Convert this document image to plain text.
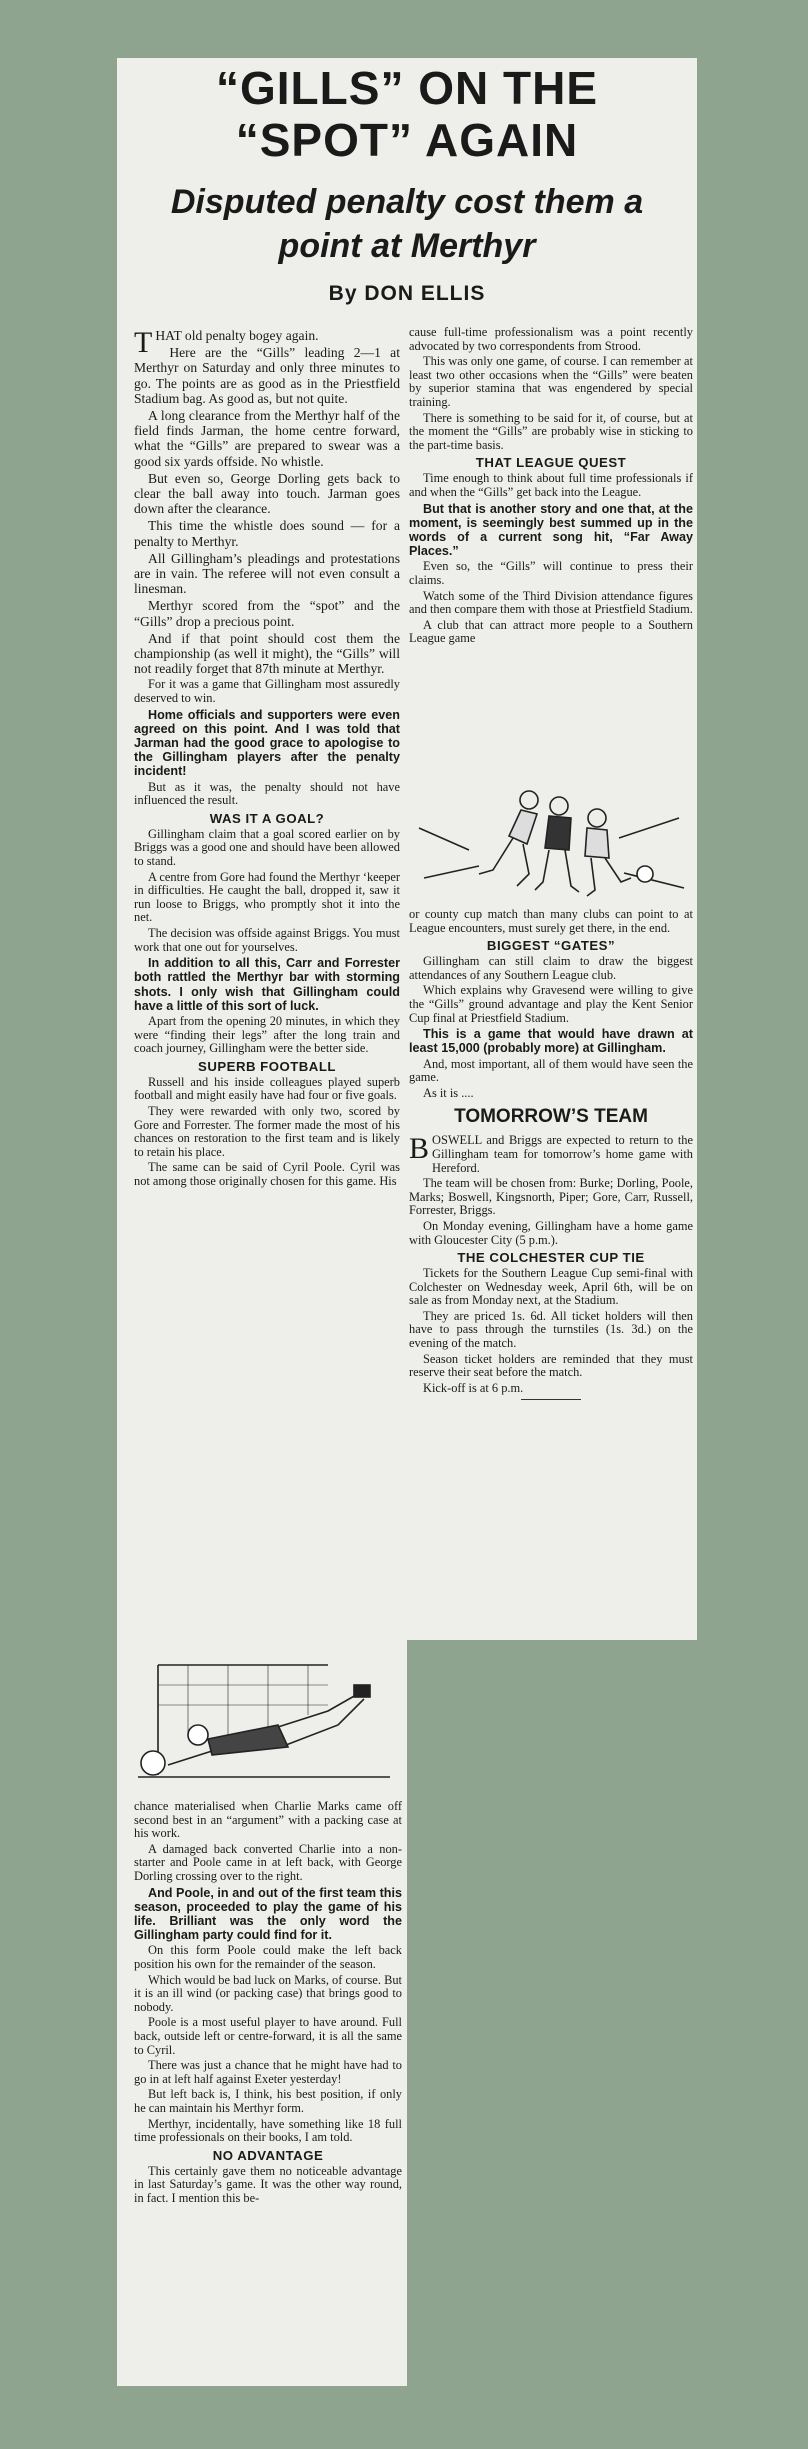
“GILLS” ON THE
“SPOT” AGAIN
Disputed penalty cost them a
point at Merthyr
By DON ELLIS

THAT old penalty bogey again.

Here are the “Gills” leading 2—1 at Merthyr on Saturday and only three minutes to go. The points are as good as in the Priestfield Stadium bag. As good as, but not quite.

A long clearance from the Merthyr half of the field finds Jarman, the home centre forward, what the “Gills” are prepared to swear was a good six yards offside. No whistle.

But even so, George Dorling gets back to clear the ball away into touch. Jarman goes down after the clearance.

This time the whistle does sound — for a penalty to Merthyr.

All Gillingham’s pleadings and protestations are in vain. The referee will not even consult a linesman.

Merthyr scored from the “spot” and the “Gills” drop a precious point.

And if that point should cost them the championship (as well it might), the “Gills” will not readily forget that 87th minute at Merthyr.

For it was a game that Gillingham most assuredly deserved to win.

Home officials and supporters were even agreed on this point. And I was told that Jarman had the good grace to apologise to the Gillingham players after the penalty incident!

But as it was, the penalty should not have influenced the result.

WAS IT A GOAL?

Gillingham claim that a goal scored earlier on by Briggs was a good one and should have been allowed to stand.

A centre from Gore had found the Merthyr ‘keeper in difficulties. He caught the ball, dropped it, saw it run loose to Briggs, who promptly shot it into the net.

The decision was offside against Briggs. You must work that one out for yourselves.

In addition to all this, Carr and Forrester both rattled the Merthyr bar with storming shots. I only wish that Gillingham could have a little of this sort of luck.

Apart from the opening 20 minutes, in which they were “finding their legs” after the long train and coach journey, Gillingham were the better side.

SUPERB FOOTBALL

Russell and his inside colleagues played superb football and might easily have had four or five goals.

They were rewarded with only two, scored by Gore and Forrester. The former made the most of his chances on restoration to the first team and is likely to retain his place.

The same can be said of Cyril Poole. Cyril was not among those originally chosen for this game. His

cause full-time professionalism was a point recently advocated by two correspondents from Strood.

This was only one game, of course. I can remember at least two other occasions when the “Gills” were beaten by superior stamina that was engendered by special training.

There is something to be said for it, of course, but at the moment the “Gills” are probably wise in sticking to the part-time basis.

THAT LEAGUE QUEST

Time enough to think about full time professionals if and when the “Gills” get back into the League.

But that is another story and one that, at the moment, is seemingly best summed up in the words of a current song hit, “Far Away Places.”

Even so, the “Gills” will continue to press their claims.

Watch some of the Third Division attendance figures and then compare them with those at Priestfield Stadium.

A club that can attract more people to a Southern League game

or county cup match than many clubs can point to at League encounters, must surely get there, in the end.

BIGGEST “GATES”

Gillingham can still claim to draw the biggest attendances of any Southern League club.

Which explains why Gravesend were willing to give the “Gills” ground advantage and play the Kent Senior Cup final at Priestfield Stadium.

This is a game that would have drawn at least 15,000 (probably more) at Gillingham.

And, most important, all of them would have seen the game.

As it is ....

TOMORROW’S TEAM

BOSWELL and Briggs are expected to return to the Gillingham team for tomorrow’s home game with Hereford.

The team will be chosen from: Burke; Dorling, Poole, Marks; Boswell, Kingsnorth, Piper; Gore, Carr, Russell, Forrester, Briggs.

On Monday evening, Gillingham have a home game with Gloucester City (5 p.m.).

THE COLCHESTER CUP TIE

Tickets for the Southern League Cup semi-final with Colchester on Wednesday week, April 6th, will be on sale as from Monday next, at the Stadium.

They are priced 1s. 6d. All ticket holders will then have to pass through the turnstiles (1s. 3d.) on the evening of the match.

Season ticket holders are reminded that they must reserve their seat before the match.

Kick-off is at 6 p.m.

chance materialised when Charlie Marks came off second best in an “argument” with a packing case at his work.

A damaged back converted Charlie into a non-starter and Poole came in at left back, with George Dorling crossing over to the right.

And Poole, in and out of the first team this season, proceeded to play the game of his life. Brilliant was the only word the Gillingham party could find for it.

On this form Poole could make the left back position his own for the remainder of the season.

Which would be bad luck on Marks, of course. But it is an ill wind (or packing case) that brings good to nobody.

Poole is a most useful player to have around. Full back, outside left or centre-forward, it is all the same to Cyril.

There was just a chance that he might have had to go in at left half against Exeter yesterday!

But left back is, I think, his best position, if only he can maintain his Merthyr form.

Merthyr, incidentally, have something like 18 full time professionals on their books, I am told.

NO ADVANTAGE

This certainly gave them no noticeable advantage in last Saturday’s game. It was the other way round, in fact. I mention this be-
